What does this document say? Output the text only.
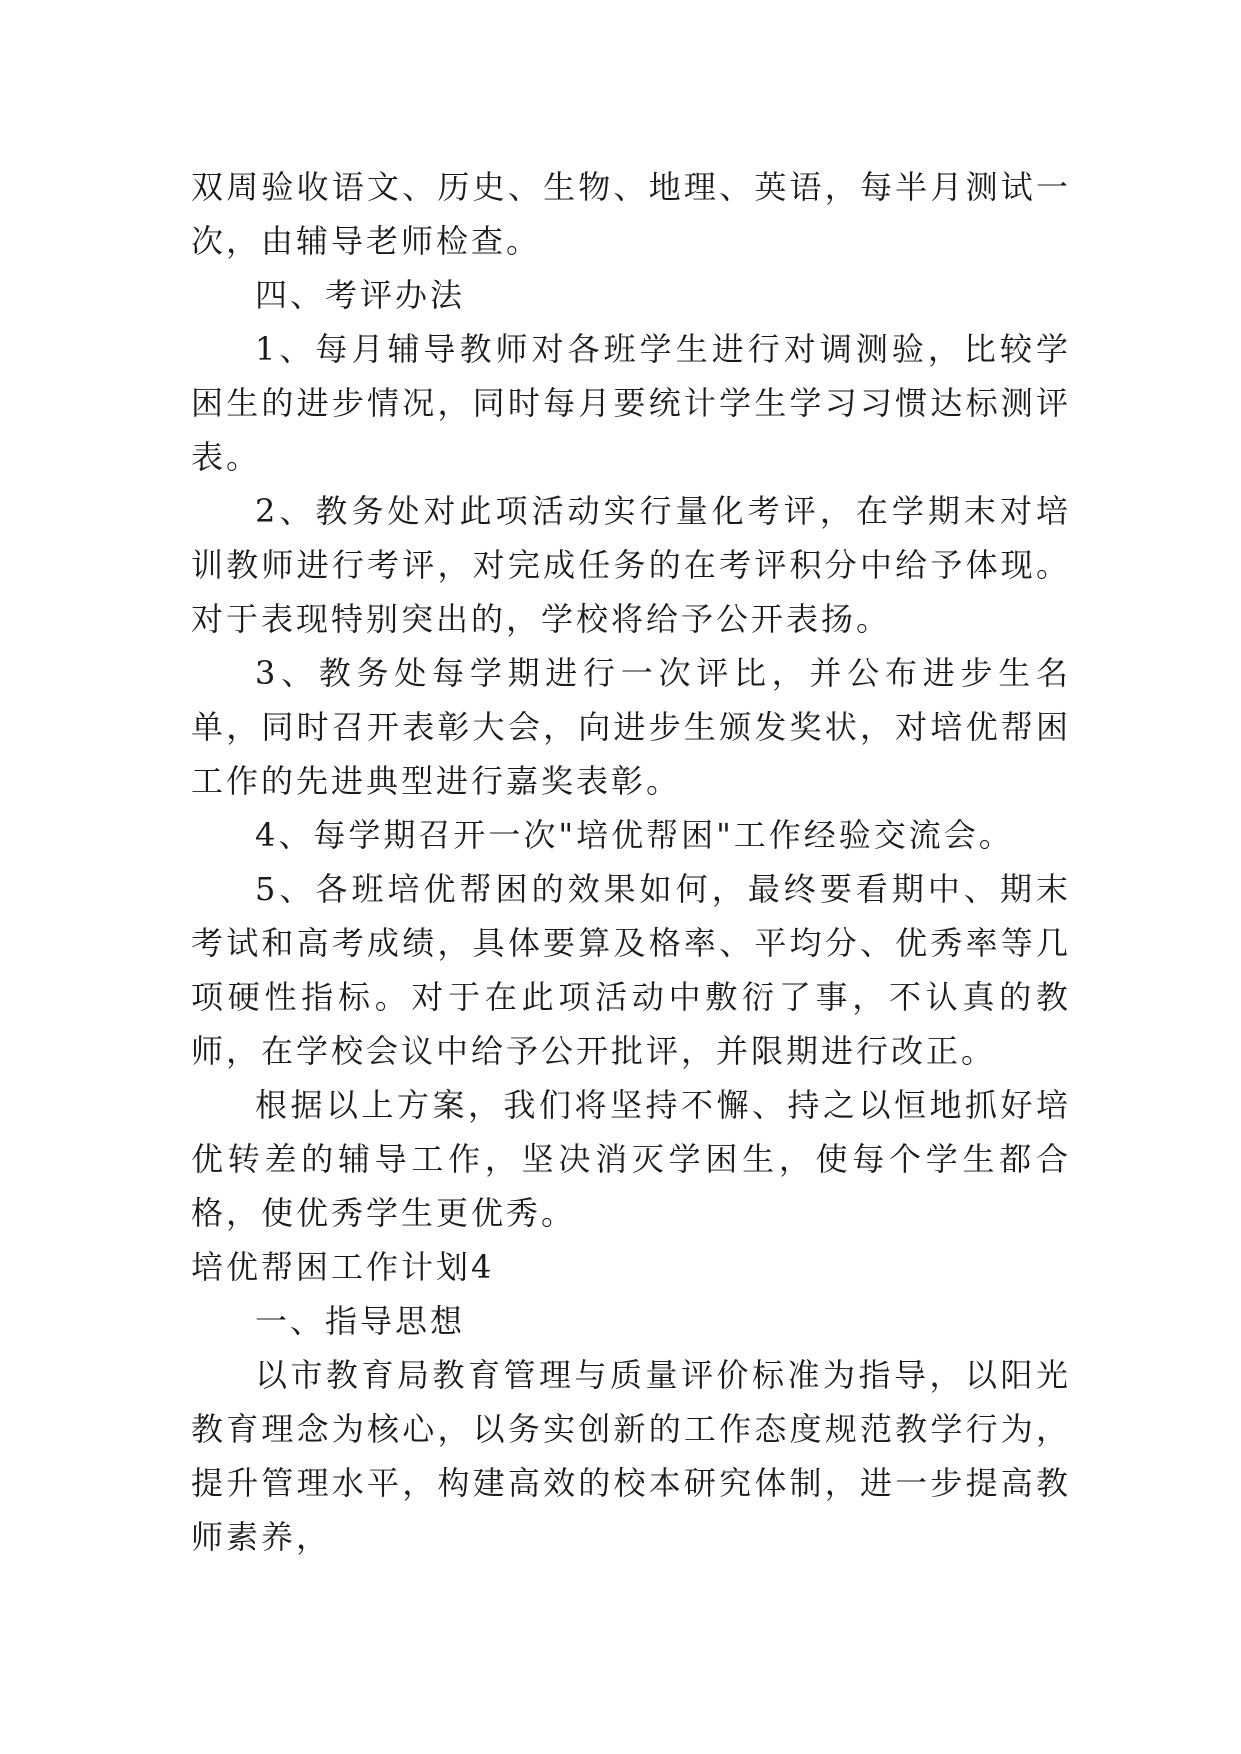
双周验收语文、历史、生物、地理、英语，每半月测试一次，由辅导老师检查。

四、考评办法

1、每月辅导教师对各班学生进行对调测验，比较学困生的进步情况，同时每月要统计学生学习习惯达标测评表。

2、教务处对此项活动实行量化考评，在学期末对培训教师进行考评，对完成任务的在考评积分中给予体现。对于表现特别突出的，学校将给予公开表扬。

3、教务处每学期进行一次评比，并公布进步生名单，同时召开表彰大会，向进步生颁发奖状，对培优帮困工作的先进典型进行嘉奖表彰。

4、每学期召开一次"培优帮困"工作经验交流会。

5、各班培优帮困的效果如何，最终要看期中、期末考试和高考成绩，具体要算及格率、平均分、优秀率等几项硬性指标。对于在此项活动中敷衍了事，不认真的教师，在学校会议中给予公开批评，并限期进行改正。

根据以上方案，我们将坚持不懈、持之以恒地抓好培优转差的辅导工作，坚决消灭学困生，使每个学生都合格，使优秀学生更优秀。

培优帮困工作计划4

一、指导思想

以市教育局教育管理与质量评价标准为指导，以阳光教育理念为核心，以务实创新的工作态度规范教学行为，提升管理水平，构建高效的校本研究体制，进一步提高教师素养，
